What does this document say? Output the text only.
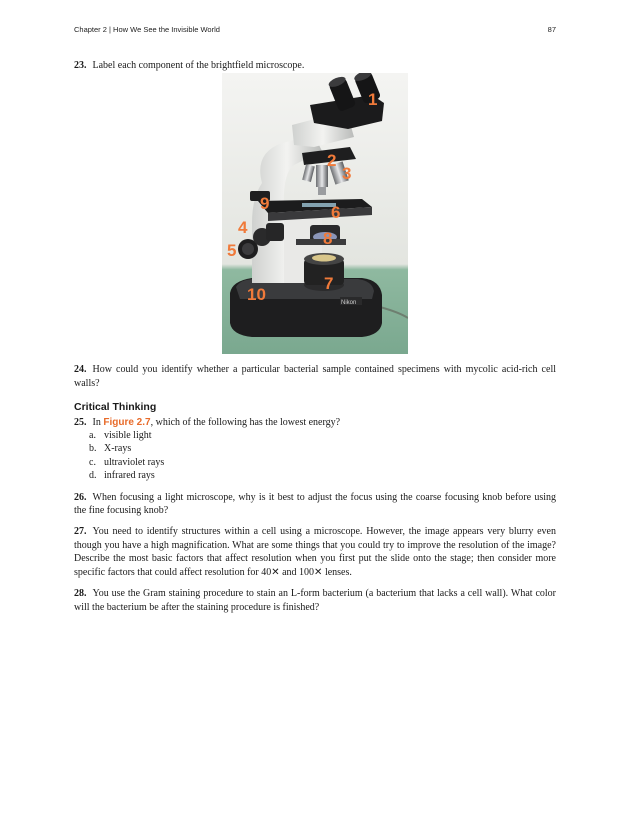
Chapter 2 | How We See the Invisible World	87

23. Label each component of the brightfield microscope.

Nikon
1
2
3
4
5
6
7
8
9
10

24. How could you identify whether a particular bacterial sample contained specimens with mycolic acid-rich cell walls?

Critical Thinking

25. In Figure 2.7, which of the following has the lowest energy?

a. visible light
b. X-rays
c. ultraviolet rays
d. infrared rays

26. When focusing a light microscope, why is it best to adjust the focus using the coarse focusing knob before using the fine focusing knob?

27. You need to identify structures within a cell using a microscope. However, the image appears very blurry even though you have a high magnification. What are some things that you could try to improve the resolution of the image? Describe the most basic factors that affect resolution when you first put the slide onto the stage; then consider more specific factors that could affect resolution for 40✕ and 100✕ lenses.

28. You use the Gram staining procedure to stain an L-form bacterium (a bacterium that lacks a cell wall). What color will the bacterium be after the staining procedure is finished?
